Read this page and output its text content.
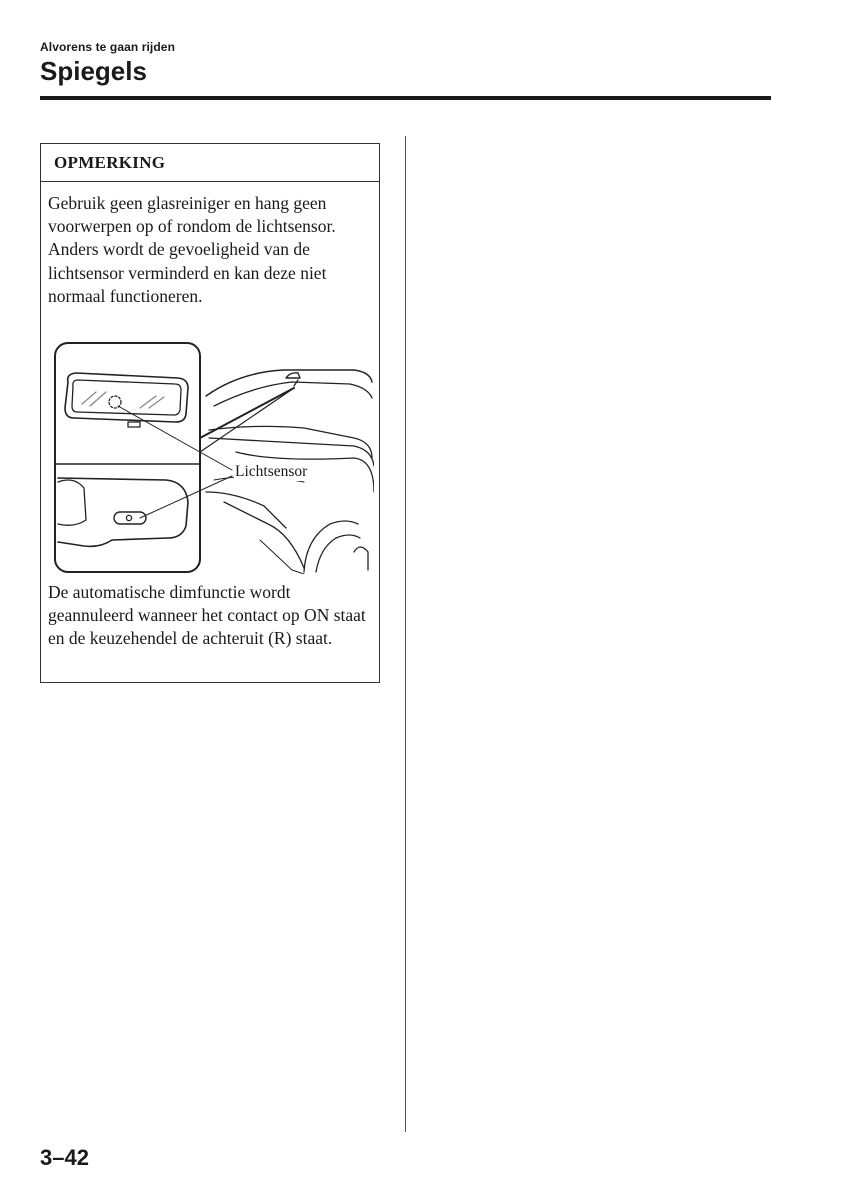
Alvorens te gaan rijden
Spiegels
OPMERKING
Gebruik geen glasreiniger en hang geen voorwerpen op of rondom de lichtsensor. Anders wordt de gevoeligheid van de lichtsensor verminderd en kan deze niet normaal functioneren.
Lichtsensor
De automatische dimfunctie wordt geannuleerd wanneer het contact op ON staat en de keuzehendel de achteruit (R) staat.
3–42
